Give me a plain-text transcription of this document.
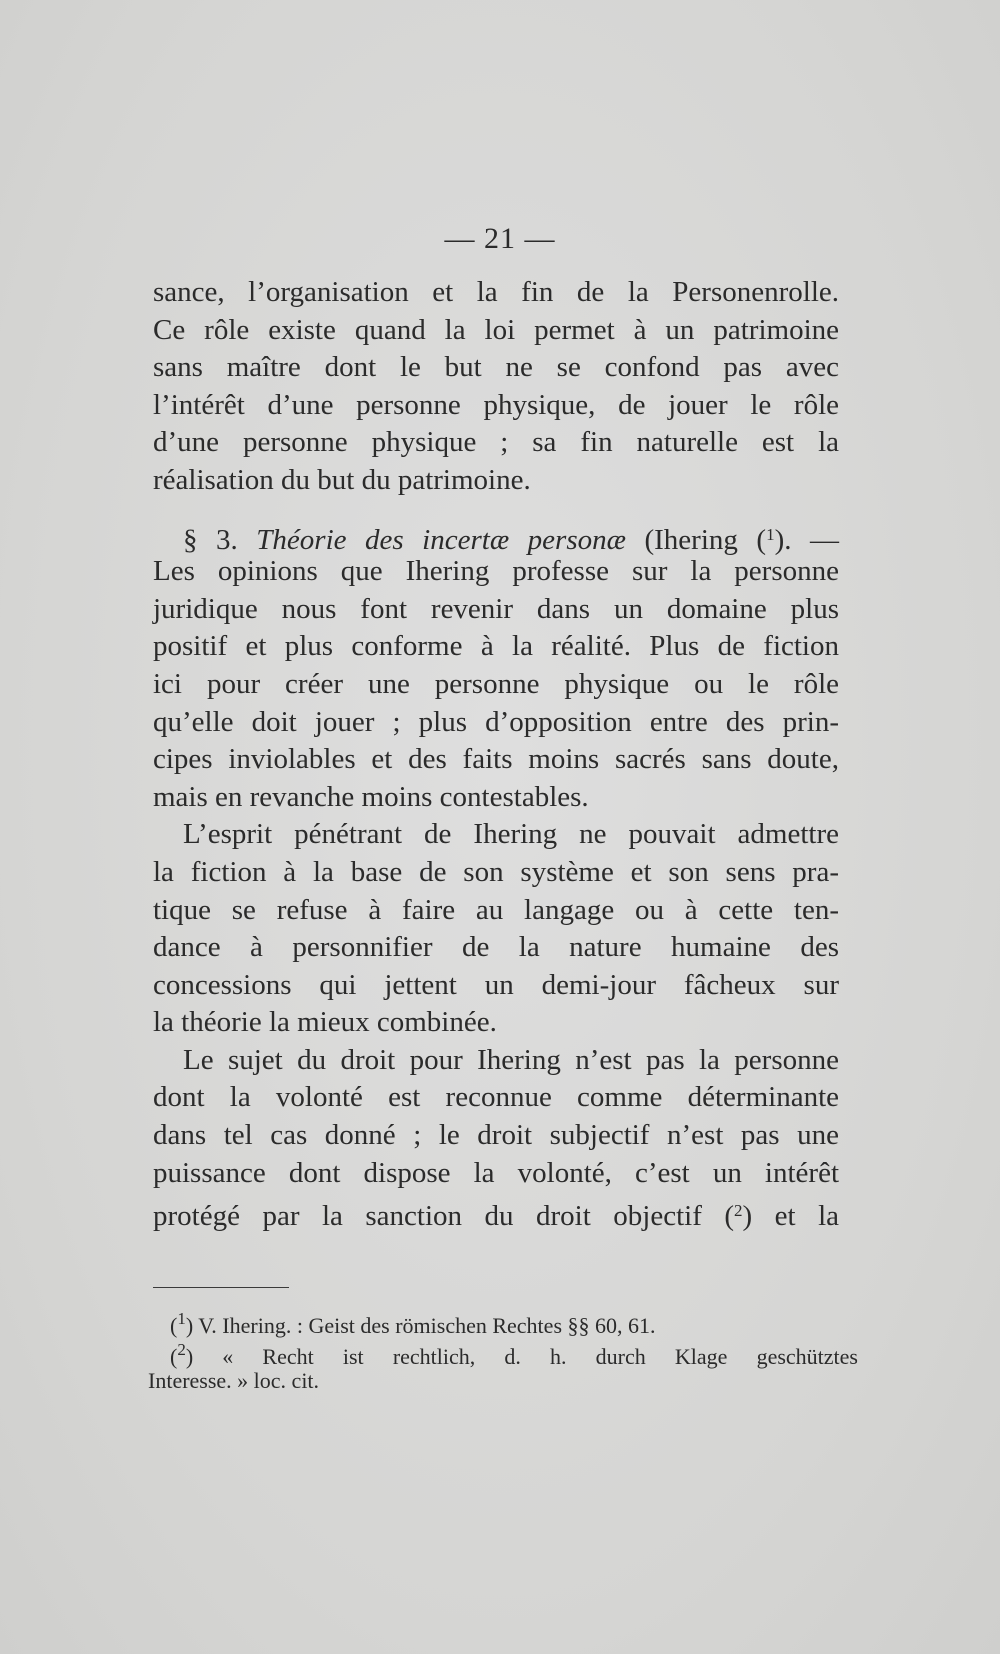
— 21 —
sance, l’organisation et la fin de la Personenrolle.
Ce rôle existe quand la loi permet à un patrimoine
sans maître dont le but ne se confond pas avec
l’intérêt d’une personne physique, de jouer le rôle
d’une personne physique ; sa fin naturelle est la
réalisation du but du patrimoine.
§ 3. Théorie des incertæ personæ (Ihering ($^1$). —
Les opinions que Ihering professe sur la personne
juridique nous font revenir dans un domaine plus
positif et plus conforme à la réalité. Plus de fiction
ici pour créer une personne physique ou le rôle
qu’elle doit jouer ; plus d’opposition entre des prin-
cipes inviolables et des faits moins sacrés sans doute,
mais en revanche moins contestables.
L’esprit pénétrant de Ihering ne pouvait admettre
la fiction à la base de son système et son sens pra-
tique se refuse à faire au langage ou à cette ten-
dance à personnifier de la nature humaine des
concessions qui jettent un demi-jour fâcheux sur
la théorie la mieux combinée.
Le sujet du droit pour Ihering n’est pas la personne
dont la volonté est reconnue comme déterminante
dans tel cas donné ; le droit subjectif n’est pas une
puissance dont dispose la volonté, c’est un intérêt
protégé par la sanction du droit objectif ($^2$) et la
($^1$) V. Ihering. : Geist des römischen Rechtes §§ 60, 61.
($^2$) « Recht ist rechtlich, d. h. durch Klage geschütztes
Interesse. » loc. cit.
